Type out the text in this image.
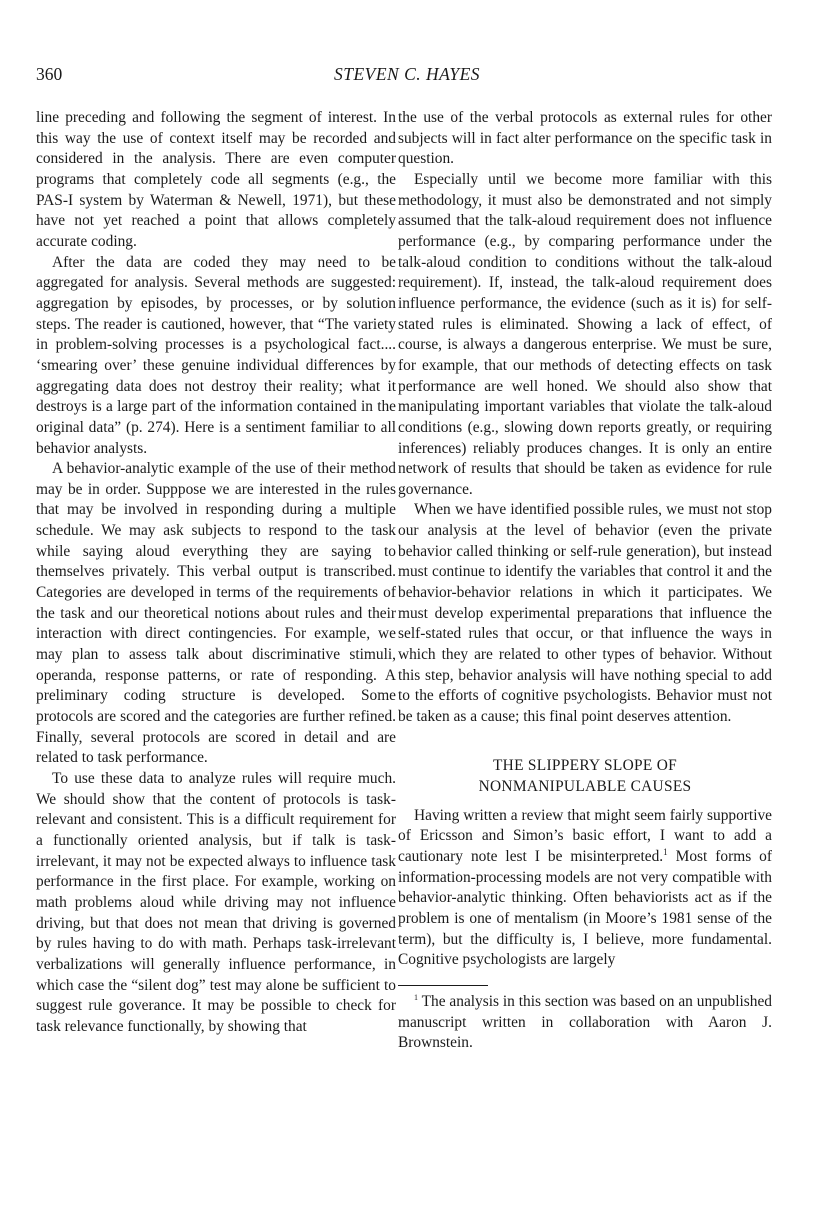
360	STEVEN C. HAYES

line preceding and following the segment of interest. In this way the use of context itself may be recorded and considered in the analysis. There are even computer programs that completely code all segments (e.g., the PAS-I system by Waterman & Newell, 1971), but these have not yet reached a point that allows completely accurate coding.

After the data are coded they may need to be aggregated for analysis. Several methods are suggested: aggregation by episodes, by processes, or by solution steps. The reader is cautioned, however, that “The variety in problem-solving processes is a psychological fact.... ‘smearing over’ these genuine individual differences by aggregating data does not destroy their reality; what it destroys is a large part of the information contained in the original data” (p. 274). Here is a sentiment familiar to all behavior analysts.

A behavior-analytic example of the use of their method may be in order. Supppose we are interested in the rules that may be involved in responding during a multiple schedule. We may ask subjects to respond to the task while saying aloud everything they are saying to themselves privately. This verbal output is transcribed. Categories are developed in terms of the requirements of the task and our theoretical notions about rules and their interaction with direct contingencies. For example, we may plan to assess talk about discriminative stimuli, operanda, response patterns, or rate of responding. A preliminary coding structure is developed. Some protocols are scored and the categories are further refined. Finally, several protocols are scored in detail and are related to task performance.

To use these data to analyze rules will require much. We should show that the content of protocols is task-relevant and consistent. This is a difficult requirement for a functionally oriented analysis, but if talk is task-irrelevant, it may not be expected always to influence task performance in the first place. For example, working on math problems aloud while driving may not influence driving, but that does not mean that driving is governed by rules having to do with math. Perhaps task-irrelevant verbalizations will generally influence performance, in which case the “silent dog” test may alone be sufficient to suggest rule goverance. It may be possible to check for task relevance functionally, by showing that

the use of the verbal protocols as external rules for other subjects will in fact alter performance on the specific task in question.

Especially until we become more familiar with this methodology, it must also be demonstrated and not simply assumed that the talk-aloud requirement does not influence performance (e.g., by comparing performance under the talk-aloud condition to conditions without the talk-aloud requirement). If, instead, the talk-aloud requirement does influence performance, the evidence (such as it is) for self-stated rules is eliminated. Showing a lack of effect, of course, is always a dangerous enterprise. We must be sure, for example, that our methods of detecting effects on task performance are well honed. We should also show that manipulating important variables that violate the talk-aloud conditions (e.g., slowing down reports greatly, or requiring inferences) reliably produces changes. It is only an entire network of results that should be taken as evidence for rule governance.

When we have identified possible rules, we must not stop our analysis at the level of behavior (even the private behavior called thinking or self-rule generation), but instead must continue to identify the variables that control it and the behavior-behavior relations in which it participates. We must develop experimental preparations that influence the self-stated rules that occur, or that influence the ways in which they are related to other types of behavior. Without this step, behavior analysis will have nothing special to add to the efforts of cognitive psychologists. Behavior must not be taken as a cause; this final point deserves attention.

THE SLIPPERY SLOPE OF
NONMANIPULABLE CAUSES

Having written a review that might seem fairly supportive of Ericsson and Simon’s basic effort, I want to add a cautionary note lest I be misinterpreted.$^1$ Most forms of information-processing models are not very compatible with behavior-analytic thinking. Often behaviorists act as if the problem is one of mentalism (in Moore’s 1981 sense of the term), but the difficulty is, I believe, more fundamental. Cognitive psychologists are largely

$^1$ The analysis in this section was based on an unpublished manuscript written in collaboration with Aaron J. Brownstein.
